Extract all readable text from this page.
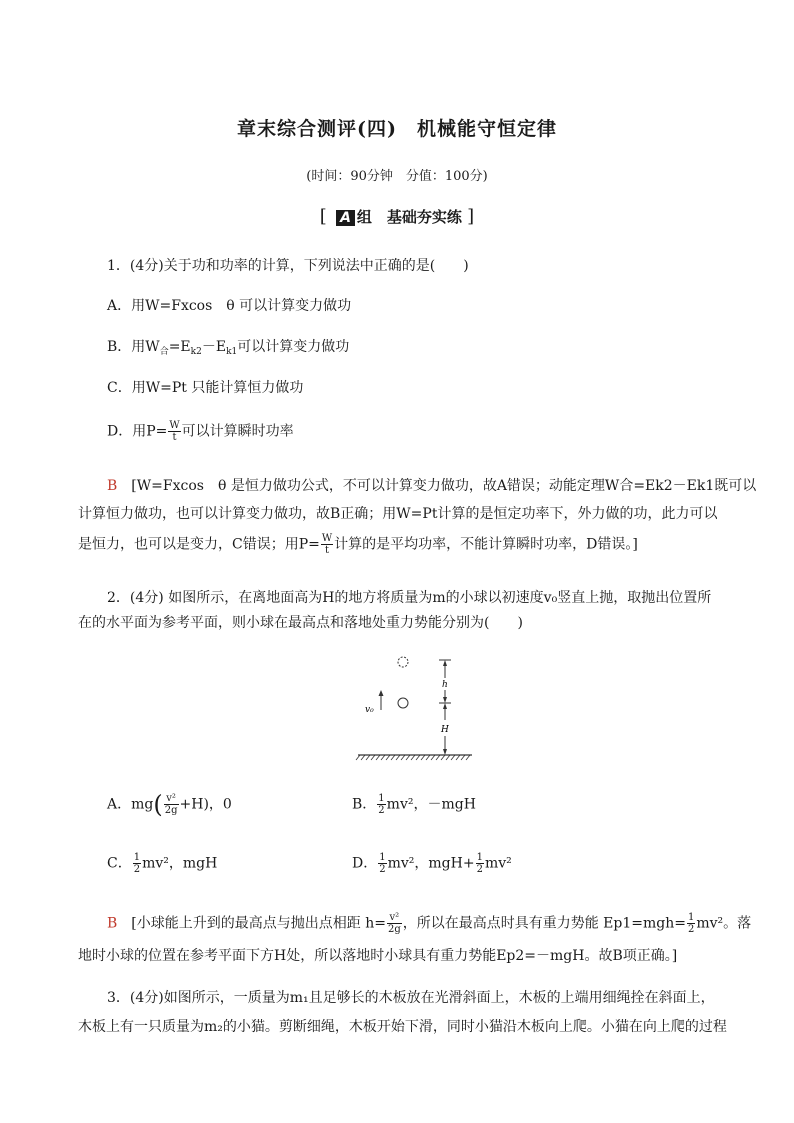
章末综合测评(四)　机械能守恒定律
(时间：90分钟　分值：100分)
[ A 组　基础夯实练 ]
1．(4分)关于功和功率的计算，下列说法中正确的是(　　)
A．用W=Fxcos　θ 可以计算变力做功
B．用$W_合=E_{k2}-E_{k1}$可以计算变力做功
C．用W=Pt 只能计算恒力做功
D．用$P= \frac{W}{t}$ 可以计算瞬时功率
B　 [W=Fxcos　θ 是恒力做功公式，不可以计算变力做功，故A错误；动能定理W合=Ek2－Ek1既可以
计算恒力做功，也可以计算变力做功，故B正确；用W=Pt计算的是恒定功率下，外力做的功，此力可以
是恒力，也可以是变力，C错误；用$P= \frac{W}{t}$ 计算的是平均功率，不能计算瞬时功率，D错误。]
2．(4分) 如图所示，在离地面高为H的地方将质量为m的小球以初速度v₀竖直上抛，取抛出位置所
在的水平面为参考平面，则小球在最高点和落地处重力势能分别为(　　)
v₀
h
H
A．$mg( \frac{\text{v²}}{2g} +H)$，0	B． $\frac{1}{2} mv^2$，－mgH
C． $\frac{1}{2} mv^2$，mgH	D． $\frac{1}{2} mv^2$，$mgH+ \frac{1}{2} mv^2$
B　 [小球能上升到的最高点与抛出点相距 $h= \frac{\text{v²}}{2g}$ ，所以在最高点时具有重力势能 $Ep1=mgh= \frac{1}{2} mv^2$。落
地时小球的位置在参考平面下方H处，所以落地时小球具有重力势能Ep2=－mgH。故B项正确。]
3．(4分)如图所示，一质量为m₁且足够长的木板放在光滑斜面上，木板的上端用细绳拴在斜面上，
木板上有一只质量为m₂的小猫。剪断细绳，木板开始下滑，同时小猫沿木板向上爬。小猫在向上爬的过程
